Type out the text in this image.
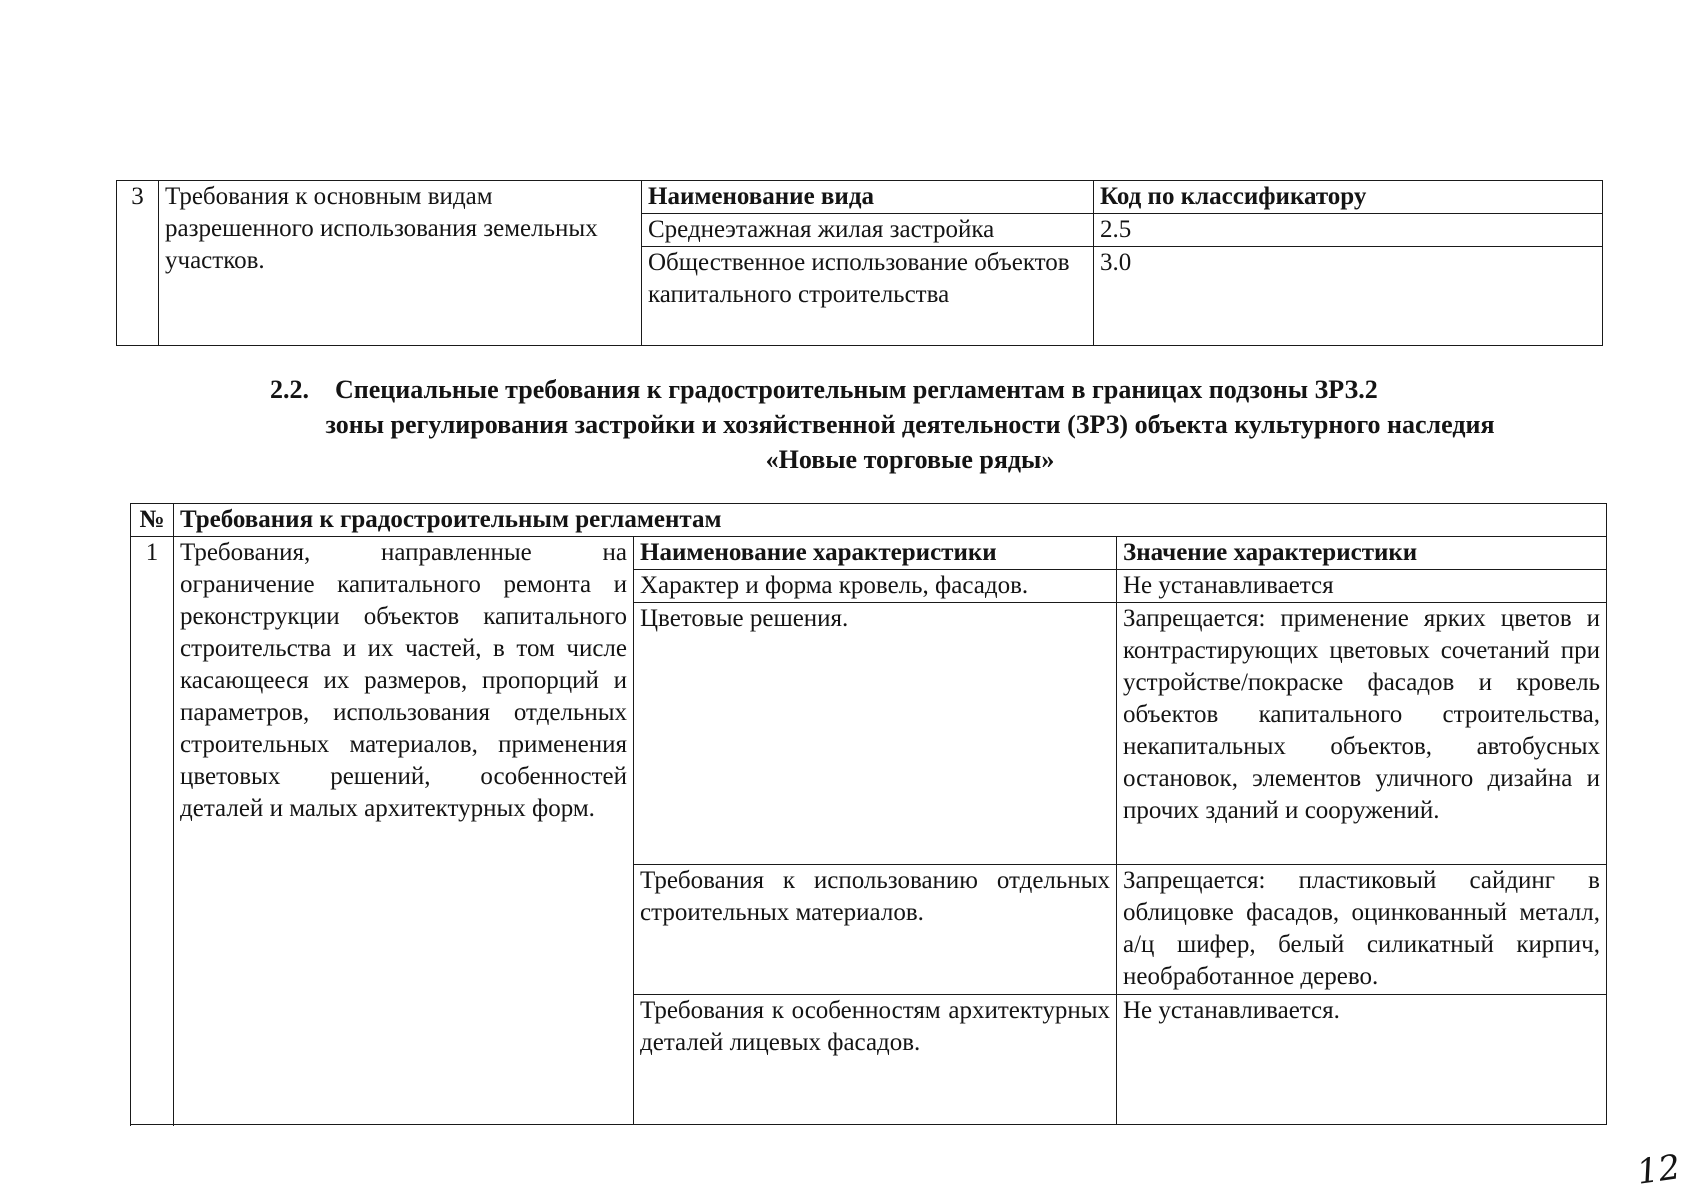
3	Требования к основным видам разрешенного использования земельных участков.	Наименование вида	Код по классификатору
		Среднеэтажная жилая застройка	2.5
		Общественное использование объектов капитального строительства	3.0
2.2. Специальные требования к градостроительным регламентам в границах подзоны ЗРЗ.2
зоны регулирования застройки и хозяйственной деятельности (ЗРЗ) объекта культурного наследия
«Новые торговые ряды»
№	Требования к градостроительным регламентам		
1	Требования, направленные на ограничение капитального ремонта и реконструкции объектов капитального строительства и их частей, в том числе касающееся их размеров, пропорций и параметров, использования отдельных строительных материалов, применения цветовых решений, особенностей деталей и малых архитектурных форм.	Наименование характеристики	Значение характеристики
		Характер и форма кровель, фасадов.	Не устанавливается
		Цветовые решения.	Запрещается: применение ярких цветов и контрастирующих цветовых сочетаний при устройстве/покраске фасадов и кровель объектов капитального строительства, некапитальных объектов, автобусных остановок, элементов уличного дизайна и прочих зданий и сооружений.
		Требования к использованию отдельных строительных материалов.	Запрещается: пластиковый сайдинг в облицовке фасадов, оцинкованный металл, а/ц шифер, белый силикатный кирпич, необработанное дерево.
		Требования к особенностям архитектурных деталей лицевых фасадов.	Не устанавливается.

12
